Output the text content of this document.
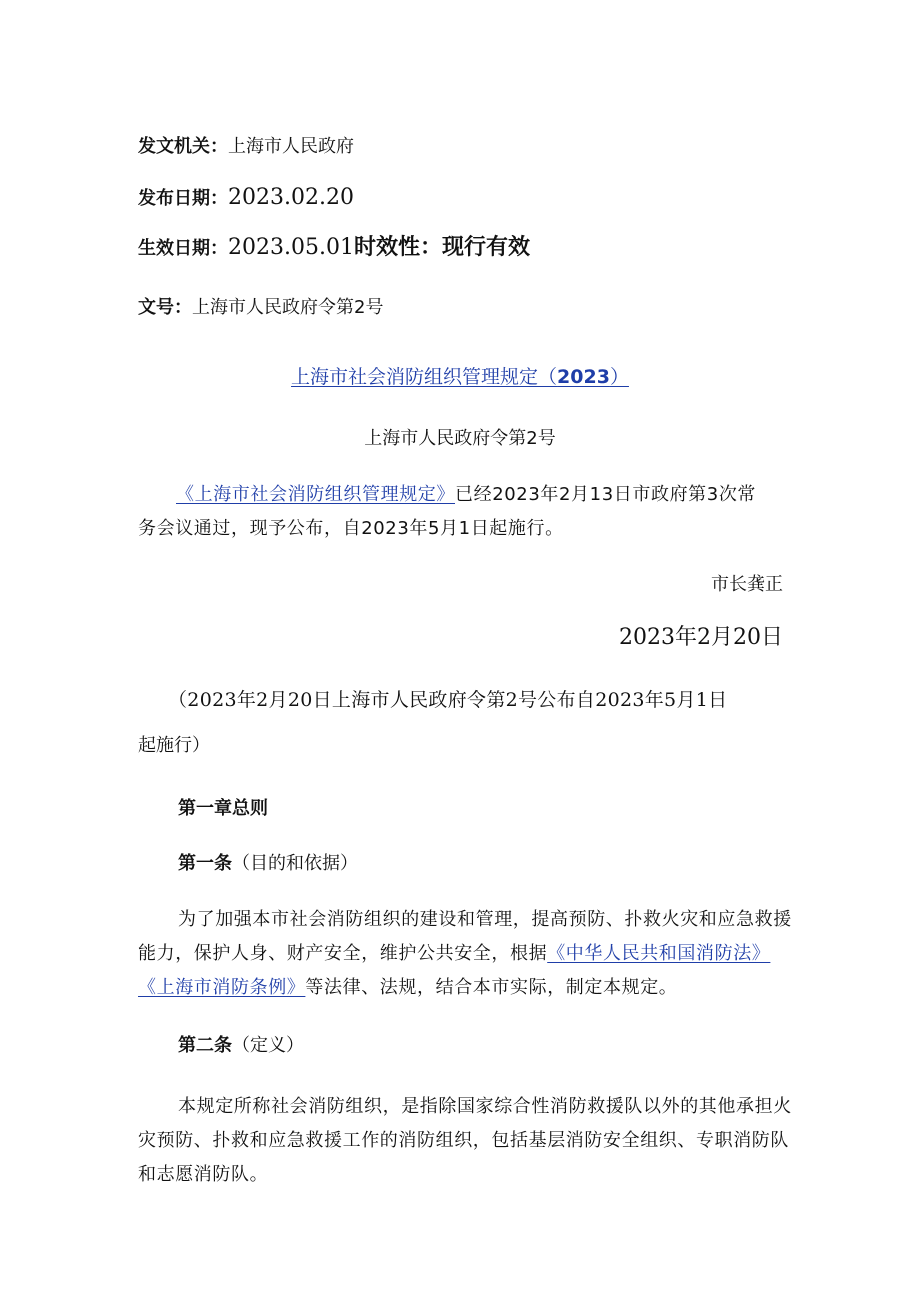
发文机关：上海市人民政府
发布日期：2023.02.20
生效日期：2023.05.01时效性：现行有效
文号：上海市人民政府令第2号
上海市社会消防组织管理规定（2023）
上海市人民政府令第2号
《上海市社会消防组织管理规定》已经2023年2月13日市政府第3次常
务会议通过，现予公布，自2023年5月1日起施行。
市长龚正
2023年2月20日
（2023年2月20日上海市人民政府令第2号公布自2023年5月1日
起施行）
第一章总则
第一条（目的和依据）
为了加强本市社会消防组织的建设和管理，提高预防、扑救火灾和应急救援
能力，保护人身、财产安全，维护公共安全，根据《中华人民共和国消防法》
《上海市消防条例》等法律、法规，结合本市实际，制定本规定。
第二条（定义）
本规定所称社会消防组织，是指除国家综合性消防救援队以外的其他承担火
灾预防、扑救和应急救援工作的消防组织，包括基层消防安全组织、专职消防队
和志愿消防队。
